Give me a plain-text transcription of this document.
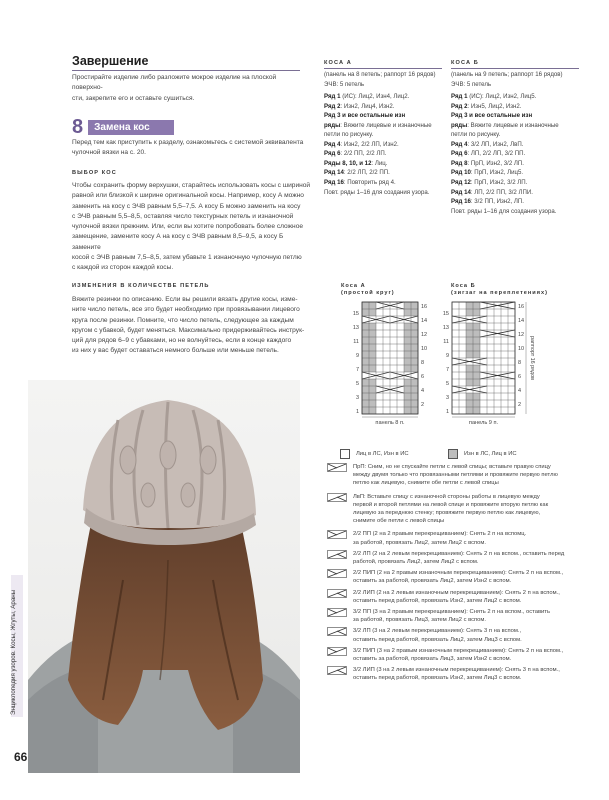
Завершение
Простирайте изделие либо разложите мокрое изделие на плоской поверхно-
сти, закрепите его и оставьте сушиться.
8	Замена кос
Перед тем как приступить к разделу, ознакомьтесь с системой эквивалента
чулочной вязки на с. 20.
ВЫБОР КОС
Чтобы сохранить форму верхушки, старайтесь использовать косы с шириной
равной или близкой к ширине оригинальной косы. Например, косу А можно
заменить на косу с ЭЧВ равным 5,5–7,5. А косу Б можно заменить на косу
с ЭЧВ равным 5,5–8,5, оставляя число текстурных петель и изнаночной
чулочной вязки прежним. Или, если вы хотите попробовать более сложное
замещение, замените косу А на косу с ЭЧВ равным 8,5–9,5, а косу Б замените
косой с ЭЧВ равным 7,5–8,5, затем убавьте 1 изнаночную чулочную петлю
с каждой из сторон каждой косы.
ИЗМЕНЕНИЯ В КОЛИЧЕСТВЕ ПЕТЕЛЬ
Вяжите резинки по описанию. Если вы решили вязать другие косы, изме-
ните число петель, все это будет необходимо при провязывании лицевого
круга после резинки. Помните, что число петель, следующее за каждым
кругом с убавкой, будет меняться. Максимально придерживайтесь инструк-
ций для рядов 6–9 с убавками, но не волнуйтесь, если в конце каждого
из них у вас будет оставаться немного больше или меньше петель.
Энциклопедия узоров. Косы, Жгуты, Араны
66
КОСА А
(панель на 8 петель; раппорт 16 рядов)
ЭЧВ: 5 петель
Ряд 1 (ИС): Лиц2, Изн4, Лиц2.
Ряд 2: Изн2, Лиц4, Изн2.
Ряд 3 и все остальные изн
ряды: Вяжите лицевые и изнаночные
петли по рисунку.
Ряд 4: Изн2, 2/2 ЛП, Изн2.
Ряд 6: 2/2 ПП, 2/2 ЛП.
Ряды 8, 10, и 12: Лиц.
Ряд 14: 2/2 ЛП, 2/2 ПП.
Ряд 16: Повторить ряд 4.
Повт. ряды 1–16 для создания узора.
КОСА Б
(панель на 9 петель; раппорт 16 рядов)
ЭЧВ: 5 петель
Ряд 1 (ИС): Лиц2, Изн2, Лиц5.
Ряд 2: Изн5, Лиц2, Изн2.
Ряд 3 и все остальные изн
ряды: Вяжите лицевые и изнаночные
петли по рисунку.
Ряд 4: 3/2 ЛП, Изн2, ЛвП.
Ряд 6: ЛП, 2/2 ЛП, 3/2 ПП.
Ряд 8: ПрП, Изн2, 3/2 ЛП.
Ряд 10: ПрП, Изн2, Лиц5.
Ряд 12: ПрП, Изн2, 3/2 ЛП.
Ряд 14: ЛП, 2/2 ПП, 3/2 ЛПИ.
Ряд 16: 3/2 ПП, Изн2, ЛП.
Повт. ряды 1–16 для создания узора.
Коса А
(простой круг)
Коса Б
(зигзаг на переплетениях)
16
14
12
10
8
6
4
2
15
13
11
9
7
5
3
1
панель 8 п.
16
14
12
10
8
6
4
2
15
13
11
9
7
5
3
1
панель 9 п.
раппорт 16 рядов
Лиц в ЛС, Изн в ИС	Изн в ЛС, Лиц в ИС
ПрП: Сним, но не спускайте петли с левой спицы; вставьте правую спицу
между двумя только что провязанными петлями и провяжите первую петлю
петлю как лицевую, снимите обе петли с левой спицы
ЛвП: Вставьте спицу с изнаночной стороны работы в лицевую между
первой и второй петлями на левой спице и провяжите вторую петлю как
лицевую за переднюю стенку; провяжите первую петлю как лицевую,
снимите обе петли с левой спицы
2/2 ПП (2 на 2 правым перекрещиванием): Снять 2 п на вспомц.
за работой, провязать Лиц2, затем Лиц2 с вспом.
2/2 ЛП (2 на 2 левым перекрещиванием): Снять 2 п на вспом., оставить перед
работой, провязать Лиц2, затем Лиц2 с вспом.
2/2 ПИП (2 на 2 правым изнаночным перекрещиванием): Снять 2 п на вспом.,
оставить за работой, провязать Лиц2, затем Изн2 с вспом.
2/2 ЛИП (2 на 2 левым изнаночным перекрещиванием): Снять 2 п на вспом.,
оставить перед работой, провязать Изн2, затем Лиц2 с вспом.
3/2 ПП (3 на 2 правым перекрещиванием): Снять 2 п на вспом., оставить
за работой, провязать Лиц3, затем Лиц2 с вспом.
3/2 ЛП (3 на 2 левым перекрещиванием): Снять 3 п на вспом.,
оставить перед работой, провязать Лиц2, затем Лиц3 с вспом.
3/2 ПИП (3 на 2 правым изнаночным перекрещиванием): Снять 2 п на вспом.,
оставить за работой, провязать Лиц3, затем Изн2 с вспом.
3/2 ЛИП (3 на 2 левым изнаночным перекрещиванием): Снять 3 п на вспом.,
оставить перед работой, провязать Изн2, затем Лиц3 с вспом.
